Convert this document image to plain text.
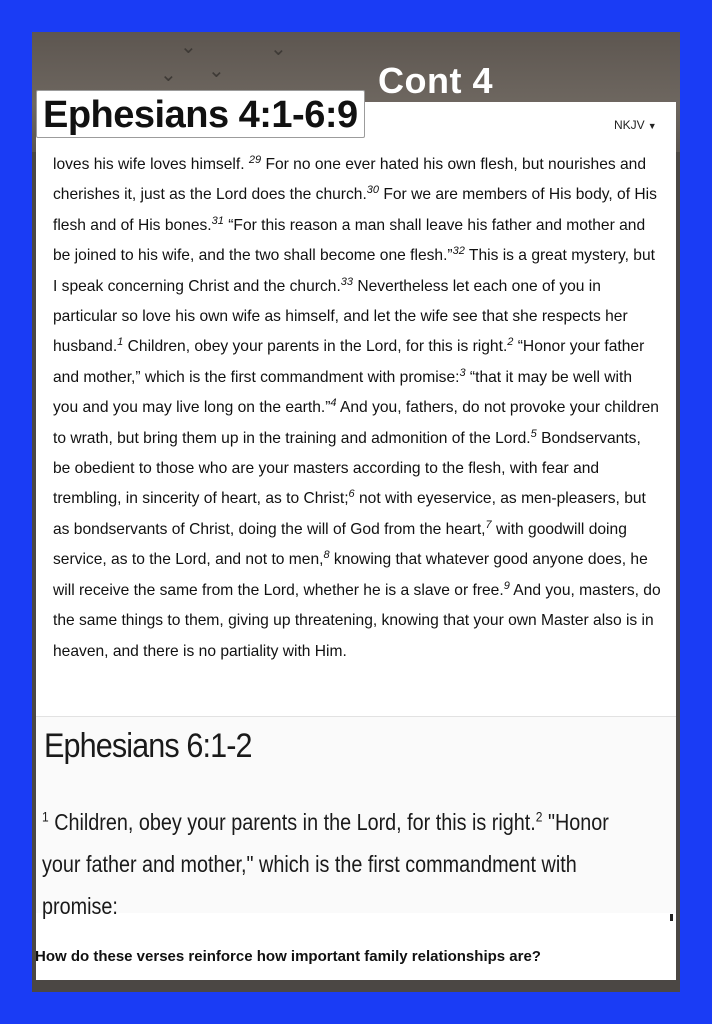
⌄
⌄
⌄
⌄
Cont 4
Ephesians 4:1-6:9	NKJV ▼
loves his wife loves himself. $^{29}$ For no one ever hated his own flesh, but nourishes and cherishes it, just as the Lord does the church.$^{30}$ For we are members of His body, of His flesh and of His bones.$^{31}$ “For this reason a man shall leave his father and mother and be joined to his wife, and the two shall become one flesh.”$^{32}$ This is a great mystery, but I speak concerning Christ and the church.$^{33}$ Nevertheless let each one of you in particular so love his own wife as himself, and let the wife see that she respects her husband.$^1$ Children, obey your parents in the Lord, for this is right.$^2$ “Honor your father and mother,” which is the first commandment with promise:$^3$ “that it may be well with you and you may live long on the earth.”$^4$ And you, fathers, do not provoke your children to wrath, but bring them up in the training and admonition of the Lord.$^5$ Bondservants, be obedient to those who are your masters according to the flesh, with fear and trembling, in sincerity of heart, as to Christ;$^6$ not with eyeservice, as men-pleasers, but as bondservants of Christ, doing the will of God from the heart,$^7$ with goodwill doing service, as to the Lord, and not to men,$^8$ knowing that whatever good anyone does, he will receive the same from the Lord, whether he is a slave or free.$^9$ And you, masters, do the same things to them, giving up threatening, knowing that your own Master also is in heaven, and there is no partiality with Him.
Ephesians 6:1-2
$^1$ Children, obey your parents in the Lord, for this is right.$^2$ "Honor your father and mother," which is the first commandment with promise:
How do these verses reinforce how important family relationships are?
